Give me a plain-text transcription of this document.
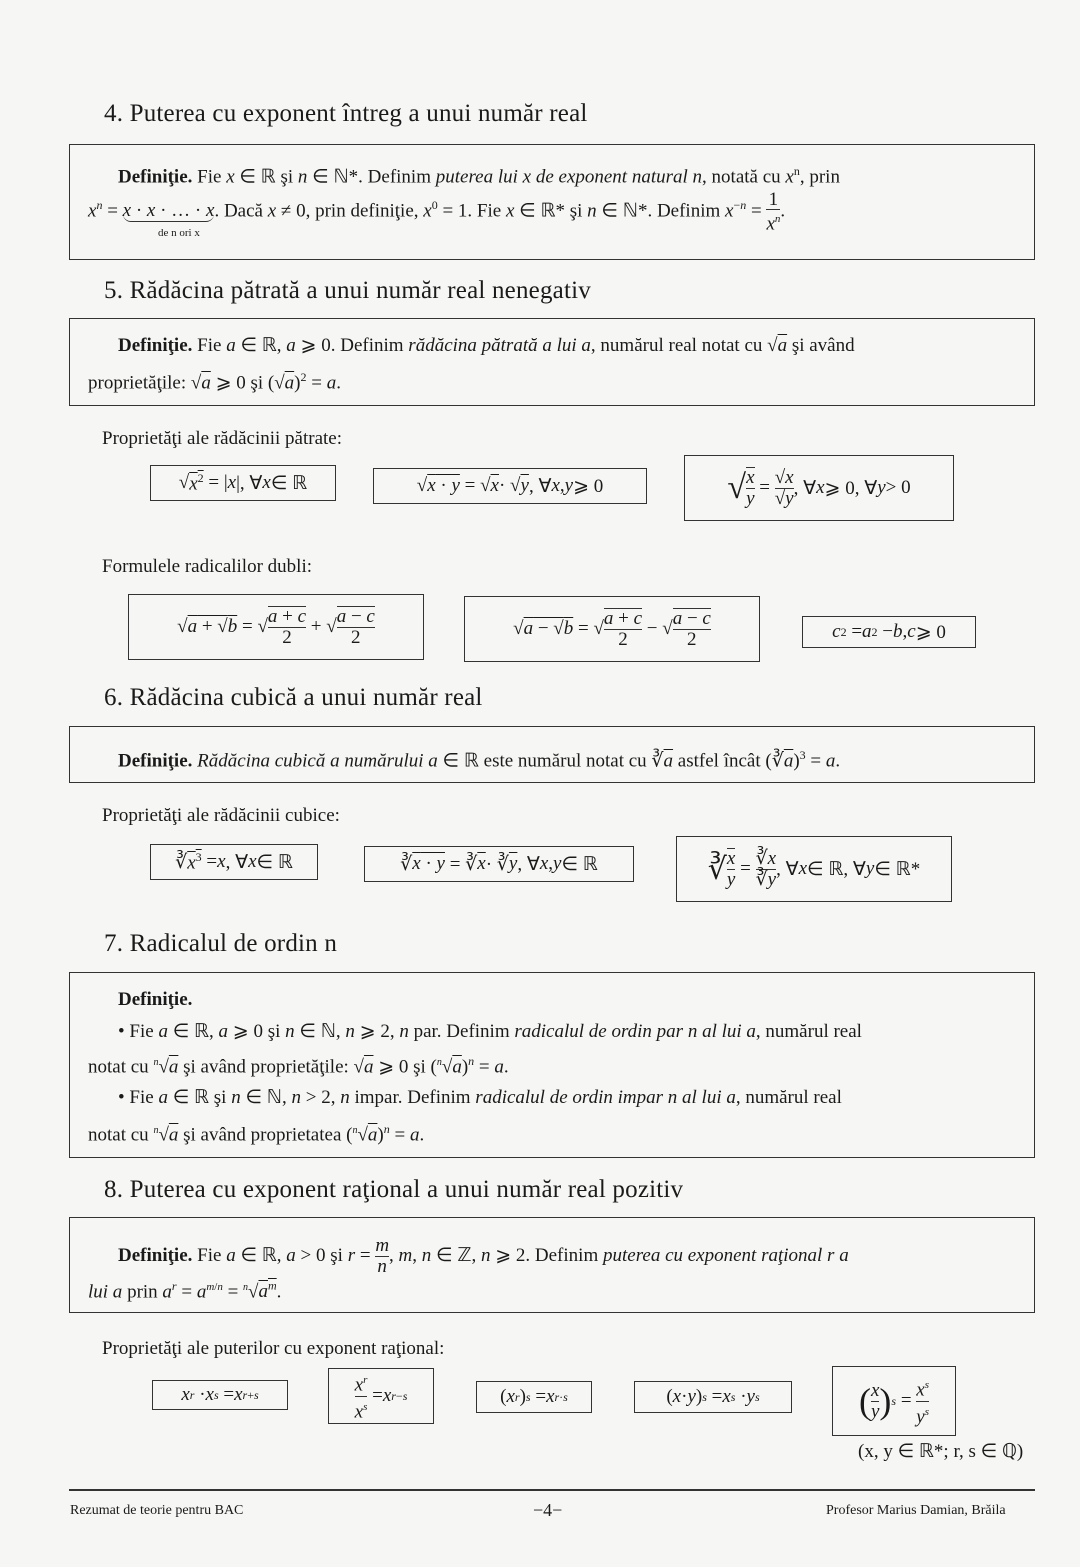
4. Puterea cu exponent întreg a unui număr real
Definiţie. Fie x ∈ ℝ şi n ∈ ℕ*. Definim puterea lui x de exponent natural n, notată cu $x^n$, prin
$x^n = x \cdot x$ · … · x. Dacă x ≠ 0, prin definiţie, $x^0 = 1$. Fie x ∈ ℝ* şi n ∈ ℕ*. Definim $x^{-n} = \frac{1}{x^n}$ .
de n ori x
5. Rădăcina pătrată a unui număr real nenegativ
Definiţie. Fie a ∈ ℝ, a ⩾ 0. Definim rădăcina pătrată a lui a, numărul real notat cu √a şi având
proprietăţile: √a ⩾ 0 şi $(√a)^2 = a$.
Proprietăţi ale rădăcinii pătrate:
√ $x^2$ = | x |, ∀ x ∈ ℝ	√ x · y = √ x · √ y , ∀ x , y ⩾ 0	√ x
y
= √x
√y , ∀ x ⩾ 0, ∀ y > 0
Formulele radicalilor dubli:
√ a + √b = √ a + c
2
+ √ a − c
2	√ a − √b = √ a + c
2
− √ a − c
2	c 2 = a 2 − b , c ⩾ 0
6. Rădăcina cubică a unui număr real
Definiţie. Rădăcina cubică a numărului a ∈ ℝ este numărul notat cu $∛\overline{a}$ astfel încât $(∛\overline{a})^3 = a$.
Proprietăţi ale rădăcinii cubice:
∛ $x^3 = x$ , ∀ x ∈ ℝ	∛ x · y = ∛ $\overline{x}$ · ∛ $\overline{y}$ , ∀ x , y ∈ ℝ	∛ x
y
= ∛x
∛y , ∀ x ∈ ℝ, ∀ y ∈ ℝ*
7. Radicalul de ordin n
Definiţie.
• Fie a ∈ ℝ, a ⩾ 0 şi n ∈ ℕ, n ⩾ 2, n par. Definim radicalul de ordin par n al lui a, numărul real
notat cu $^n$√a şi având proprietăţile: √a ⩾ 0 şi $(^n√a)^n = a$.
• Fie a ∈ ℝ şi n ∈ ℕ, n > 2, n impar. Definim radicalul de ordin impar n al lui a, numărul real
notat cu $^n$√a şi având proprietatea $(^n√a)^n = a$.
8. Puterea cu exponent raţional a unui număr real pozitiv
Definiţie. Fie a ∈ ℝ, a > 0 şi $r = \frac{m}{n}$ , m, n ∈ ℤ, n ⩾ 2. Definim puterea cu exponent raţional r a
lui a prin $a^r = a^{m/n} = ^n√a^m$.
Proprietăţi ale puterilor cu exponent raţional:
x r · x s = x r+s	$x^r$
$x^s$
= x r−s	( x r ) s = x r·s	( x · y ) s = x s · y s	( x
y ) $s = x^s$
$y^s$
(x, y ∈ ℝ*; r, s ∈ ℚ)
Rezumat de teorie pentru BAC	−4−	Profesor Marius Damian, Brăila
